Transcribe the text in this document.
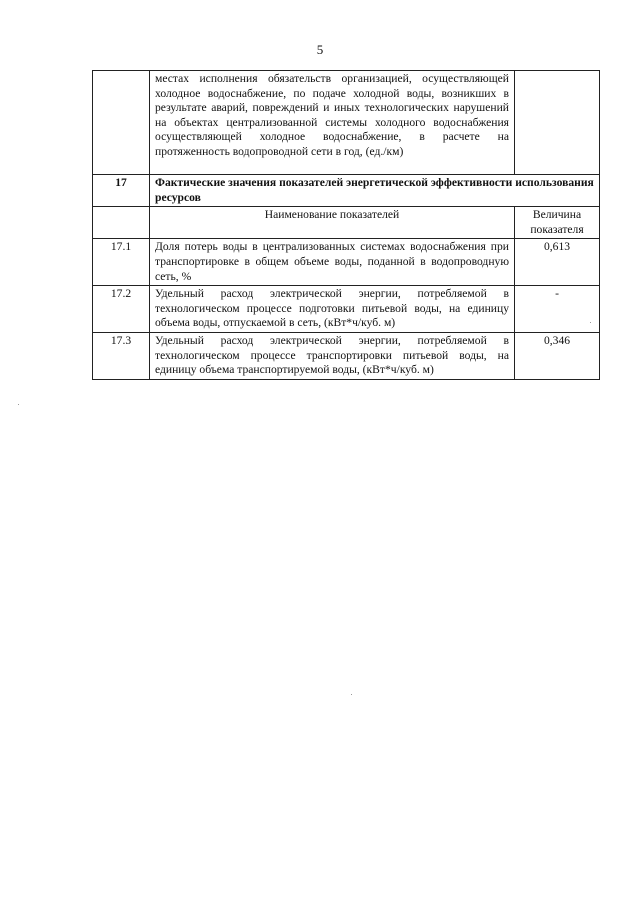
5
	местах исполнения обязательств организацией, осуществляющей холодное водоснабжение, по подаче холодной воды, возникших в результате аварий, повреждений и иных технологических нарушений на объектах централизованной системы холодного водоснабжения осуществляющей холодное водоснабжение, в расчете на протяженность водопроводной сети в год, (ед./км)	
17	Фактические значения показателей энергетической эффективности использования ресурсов	
	Наименование показателей	Величина показателя
17.1	Доля потерь воды в централизованных системах водоснабжения при транспортировке в общем объеме воды, поданной в водопроводную сеть, %	0,613
17.2	Удельный расход электрической энергии, потребляемой в технологическом процессе подготовки питьевой воды, на единицу объема воды, отпускаемой в сеть, (кВт*ч/куб. м)	-
17.3	Удельный расход электрической энергии, потребляемой в технологическом процессе транспортировки питьевой воды, на единицу объема транспортируемой воды, (кВт*ч/куб. м)	0,346
